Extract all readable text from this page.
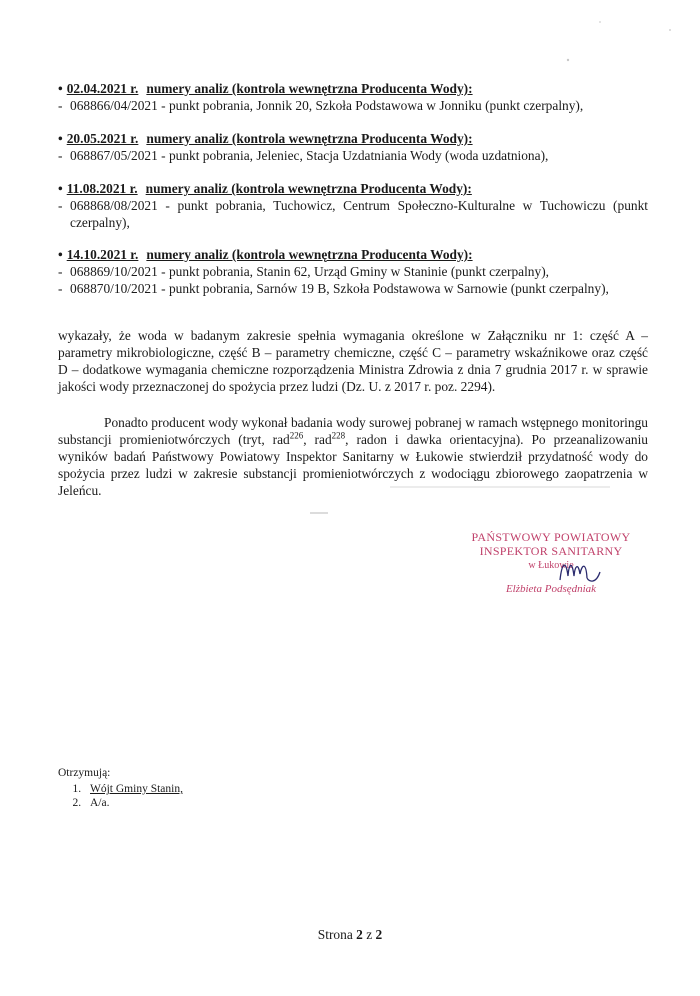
• 02.04.2021 r. numery analiz (kontrola wewnętrzna Producenta Wody):
- 068866/04/2021 - punkt pobrania, Jonnik 20, Szkoła Podstawowa w Jonniku (punkt czerpalny),
• 20.05.2021 r. numery analiz (kontrola wewnętrzna Producenta Wody):
- 068867/05/2021 - punkt pobrania, Jeleniec, Stacja Uzdatniania Wody (woda uzdatniona),
• 11.08.2021 r. numery analiz (kontrola wewnętrzna Producenta Wody):
- 068868/08/2021 - punkt pobrania, Tuchowicz, Centrum Społeczno-Kulturalne w Tuchowiczu (punkt czerpalny),
• 14.10.2021 r. numery analiz (kontrola wewnętrzna Producenta Wody):
- 068869/10/2021 - punkt pobrania, Stanin 62, Urząd Gminy w Staninie (punkt czerpalny),
- 068870/10/2021 - punkt pobrania, Sarnów 19 B, Szkoła Podstawowa w Sarnowie (punkt czerpalny),

wykazały, że woda w badanym zakresie spełnia wymagania określone w Załączniku nr 1: część A – parametry mikrobiologiczne, część B – parametry chemiczne, część C – parametry wskaźnikowe oraz część D – dodatkowe wymagania chemiczne rozporządzenia Ministra Zdrowia z dnia 7 grudnia 2017 r. w sprawie jakości wody przeznaczonej do spożycia przez ludzi (Dz. U. z 2017 r. poz. 2294).

Ponadto producent wody wykonał badania wody surowej pobranej w ramach wstępnego monitoringu substancji promieniotwórczych (tryt, rad$^{226}$, rad$^{228}$, radon i dawka orientacyjna). Po przeanalizowaniu wyników badań Państwowy Powiatowy Inspektor Sanitarny w Łukowie stwierdził przydatność wody do spożycia przez ludzi w zakresie substancji promieniotwórczych z wodociągu zbiorowego zaopatrzenia w Jeleńcu.

PAŃSTWOWY POWIATOWY
INSPEKTOR SANITARNY
w Łukowie
Elżbieta Podsędniak
Otrzymują:
1. Wójt Gminy Stanin,
2. A/a.
Strona 2 z 2
